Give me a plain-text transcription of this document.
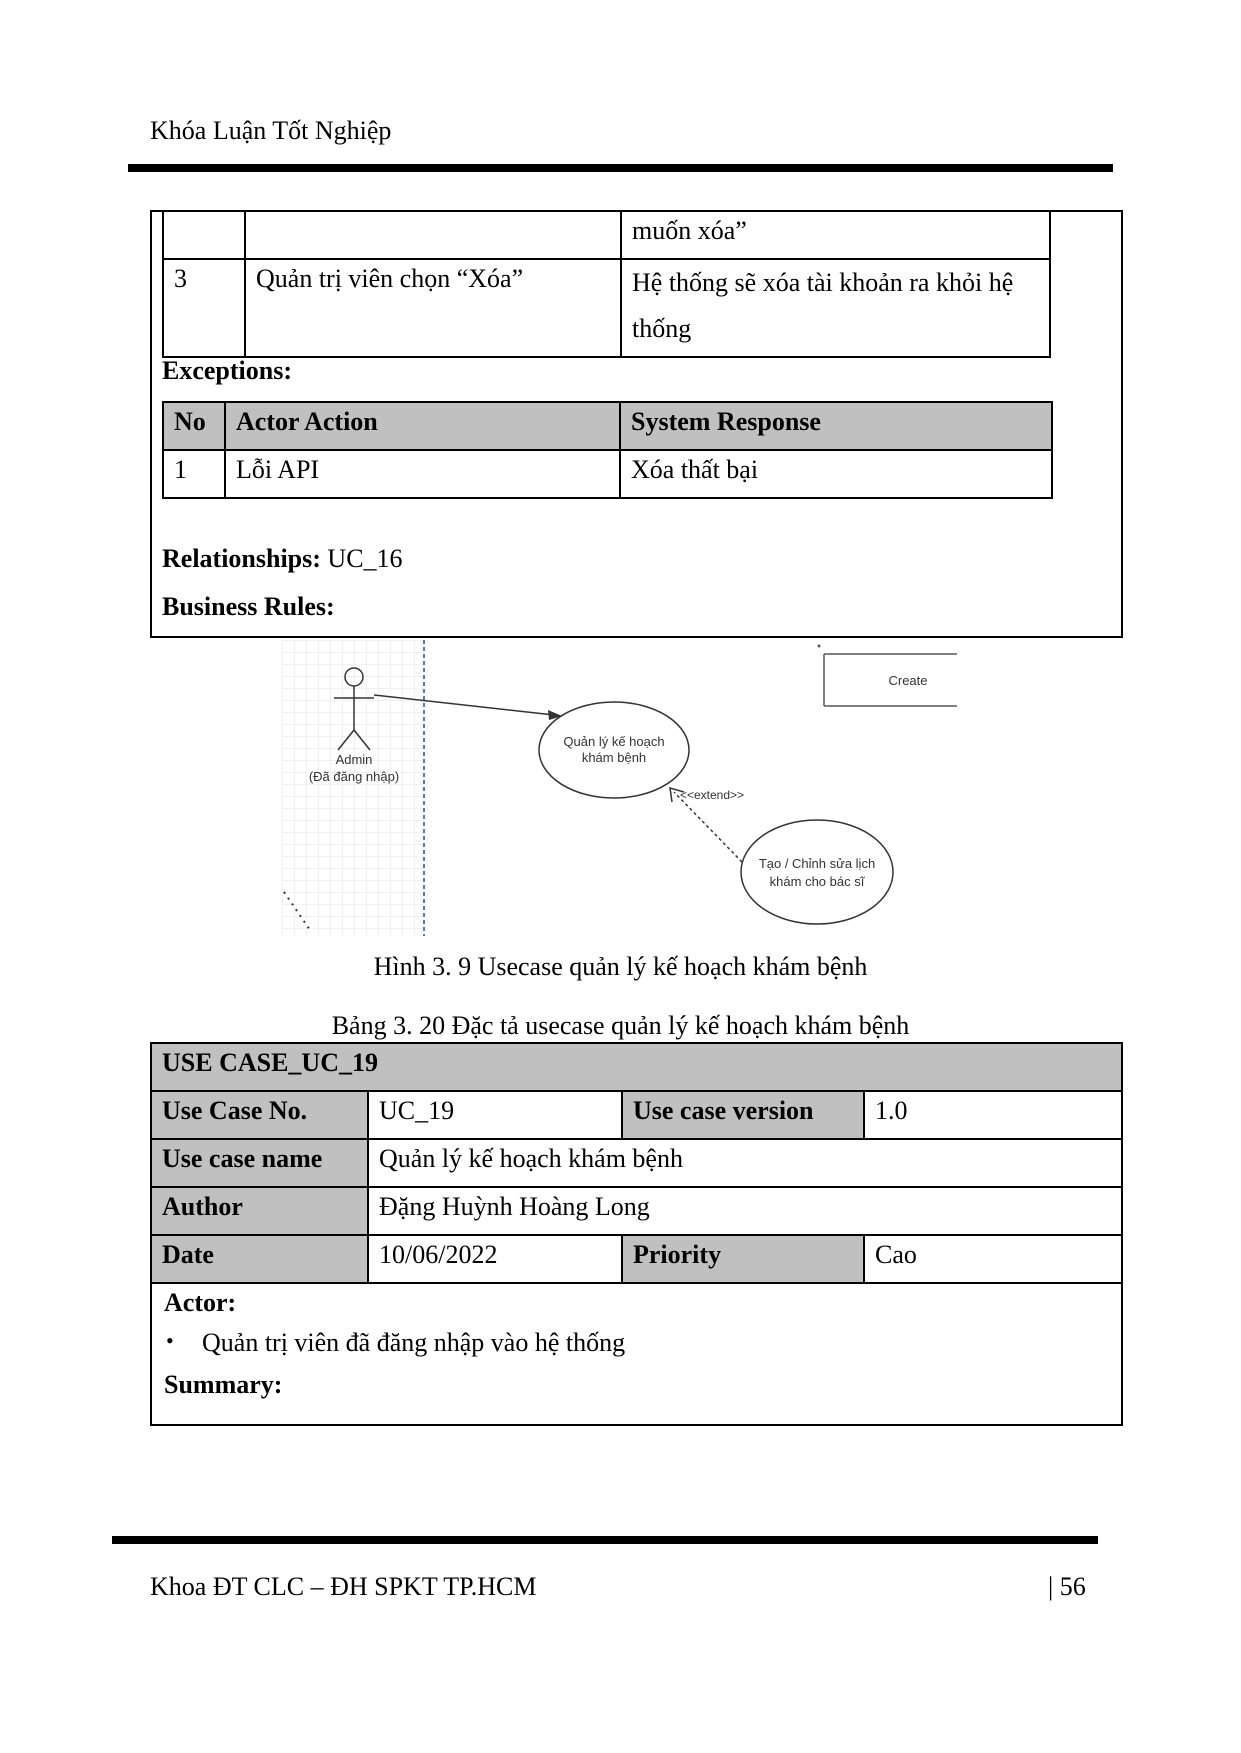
Khóa Luận Tốt Nghiệp
		muốn xóa”
3	Quản trị viên chọn “Xóa”	Hệ thống sẽ xóa tài khoản ra khỏi hệ thống
Exceptions:
No	Actor Action	System Response
1	Lỗi API	Xóa thất bại
Relationships: UC_16
Business Rules:
Admin
(Đã đăng nhập)
Quản lý kế hoạch
khám bệnh
<<extend>>
Tạo / Chỉnh sửa lịch
khám cho bác sĩ
Create
Hình 3. 9 Usecase quản lý kế hoạch khám bệnh
Bảng 3. 20 Đặc tả usecase quản lý kế hoạch khám bệnh
USE CASE_UC_19			
Use Case No.	UC_19	Use case version	1.0
Use case name	Quản lý kế hoạch khám bệnh		
Author	Đặng Huỳnh Hoàng Long		
Date	10/06/2022	Priority	Cao

Actor:
• Quản trị viên đã đăng nhập vào hệ thống
Summary:
Khoa ĐT CLC – ĐH SPKT TP.HCM	| 56
